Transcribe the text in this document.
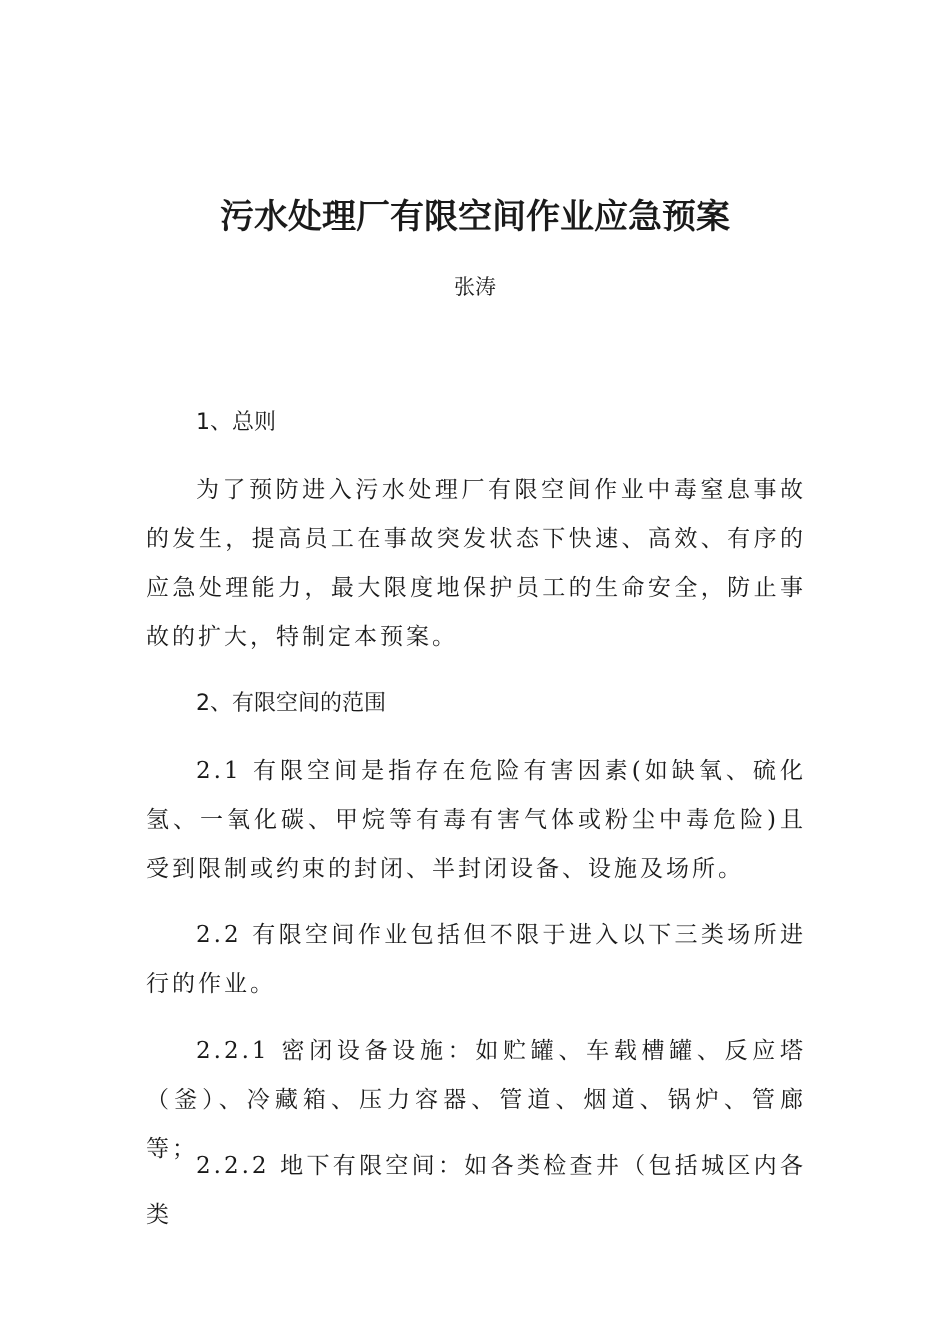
污水处理厂有限空间作业应急预案
张涛
1、总则
为了预防进入污水处理厂有限空间作业中毒窒息事故的发生，提高员工在事故突发状态下快速、高效、有序的应急处理能力，最大限度地保护员工的生命安全，防止事故的扩大，特制定本预案。
2、有限空间的范围
2.1 有限空间是指存在危险有害因素(如缺氧、硫化氢、一氧化碳、甲烷等有毒有害气体或粉尘中毒危险)且受到限制或约束的封闭、半封闭设备、设施及场所。
2.2 有限空间作业包括但不限于进入以下三类场所进行的作业。
2.2.1 密闭设备设施：如贮罐、车载槽罐、反应塔（釜）、冷藏箱、压力容器、管道、烟道、锅炉、管廊等；
2.2.2 地下有限空间：如各类检查井（包括城区内各类
